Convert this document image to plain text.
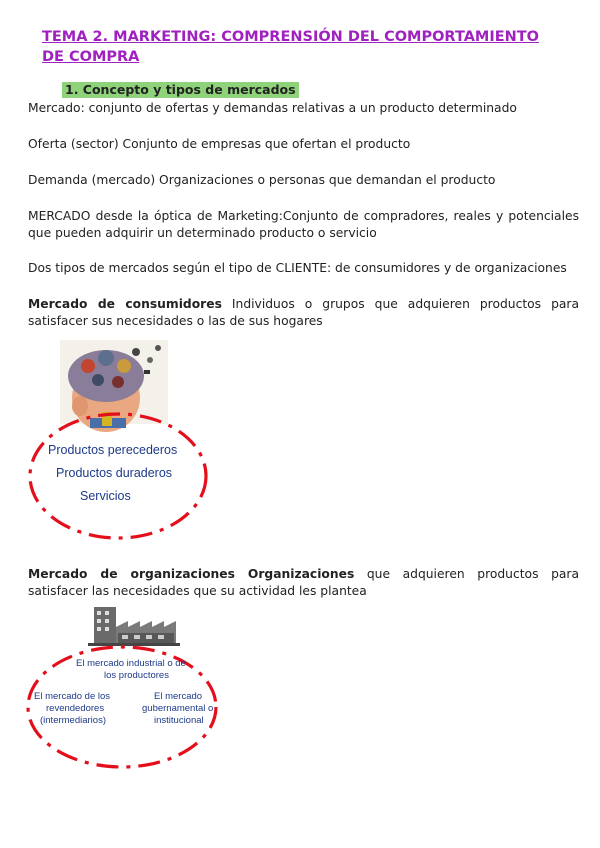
TEMA 2. MARKETING: COMPRENSIÓN DEL COMPORTAMIENTO DE COMPRA
1. Concepto y tipos de mercados

Mercado: conjunto de ofertas y demandas relativas a un producto determinado

Oferta (sector) Conjunto de empresas que ofertan el producto

Demanda (mercado) Organizaciones o personas que demandan el producto

MERCADO desde la óptica de Marketing:Conjunto de compradores, reales y potenciales que pueden adquirir un determinado producto o servicio

Dos tipos de mercados según el tipo de CLIENTE: de consumidores y de organizaciones

Mercado de consumidores Individuos o grupos que adquieren productos para satisfacer sus necesidades o las de sus hogares

Productos perecederos
Productos duraderos
Servicios

Mercado de organizaciones Organizaciones que adquieren productos para satisfacer las necesidades que su actividad les plantea

El mercado industrial o de
los productores
El mercado de los
revendedores
(intermediarios)
El mercado
gubernamental o
institucional
